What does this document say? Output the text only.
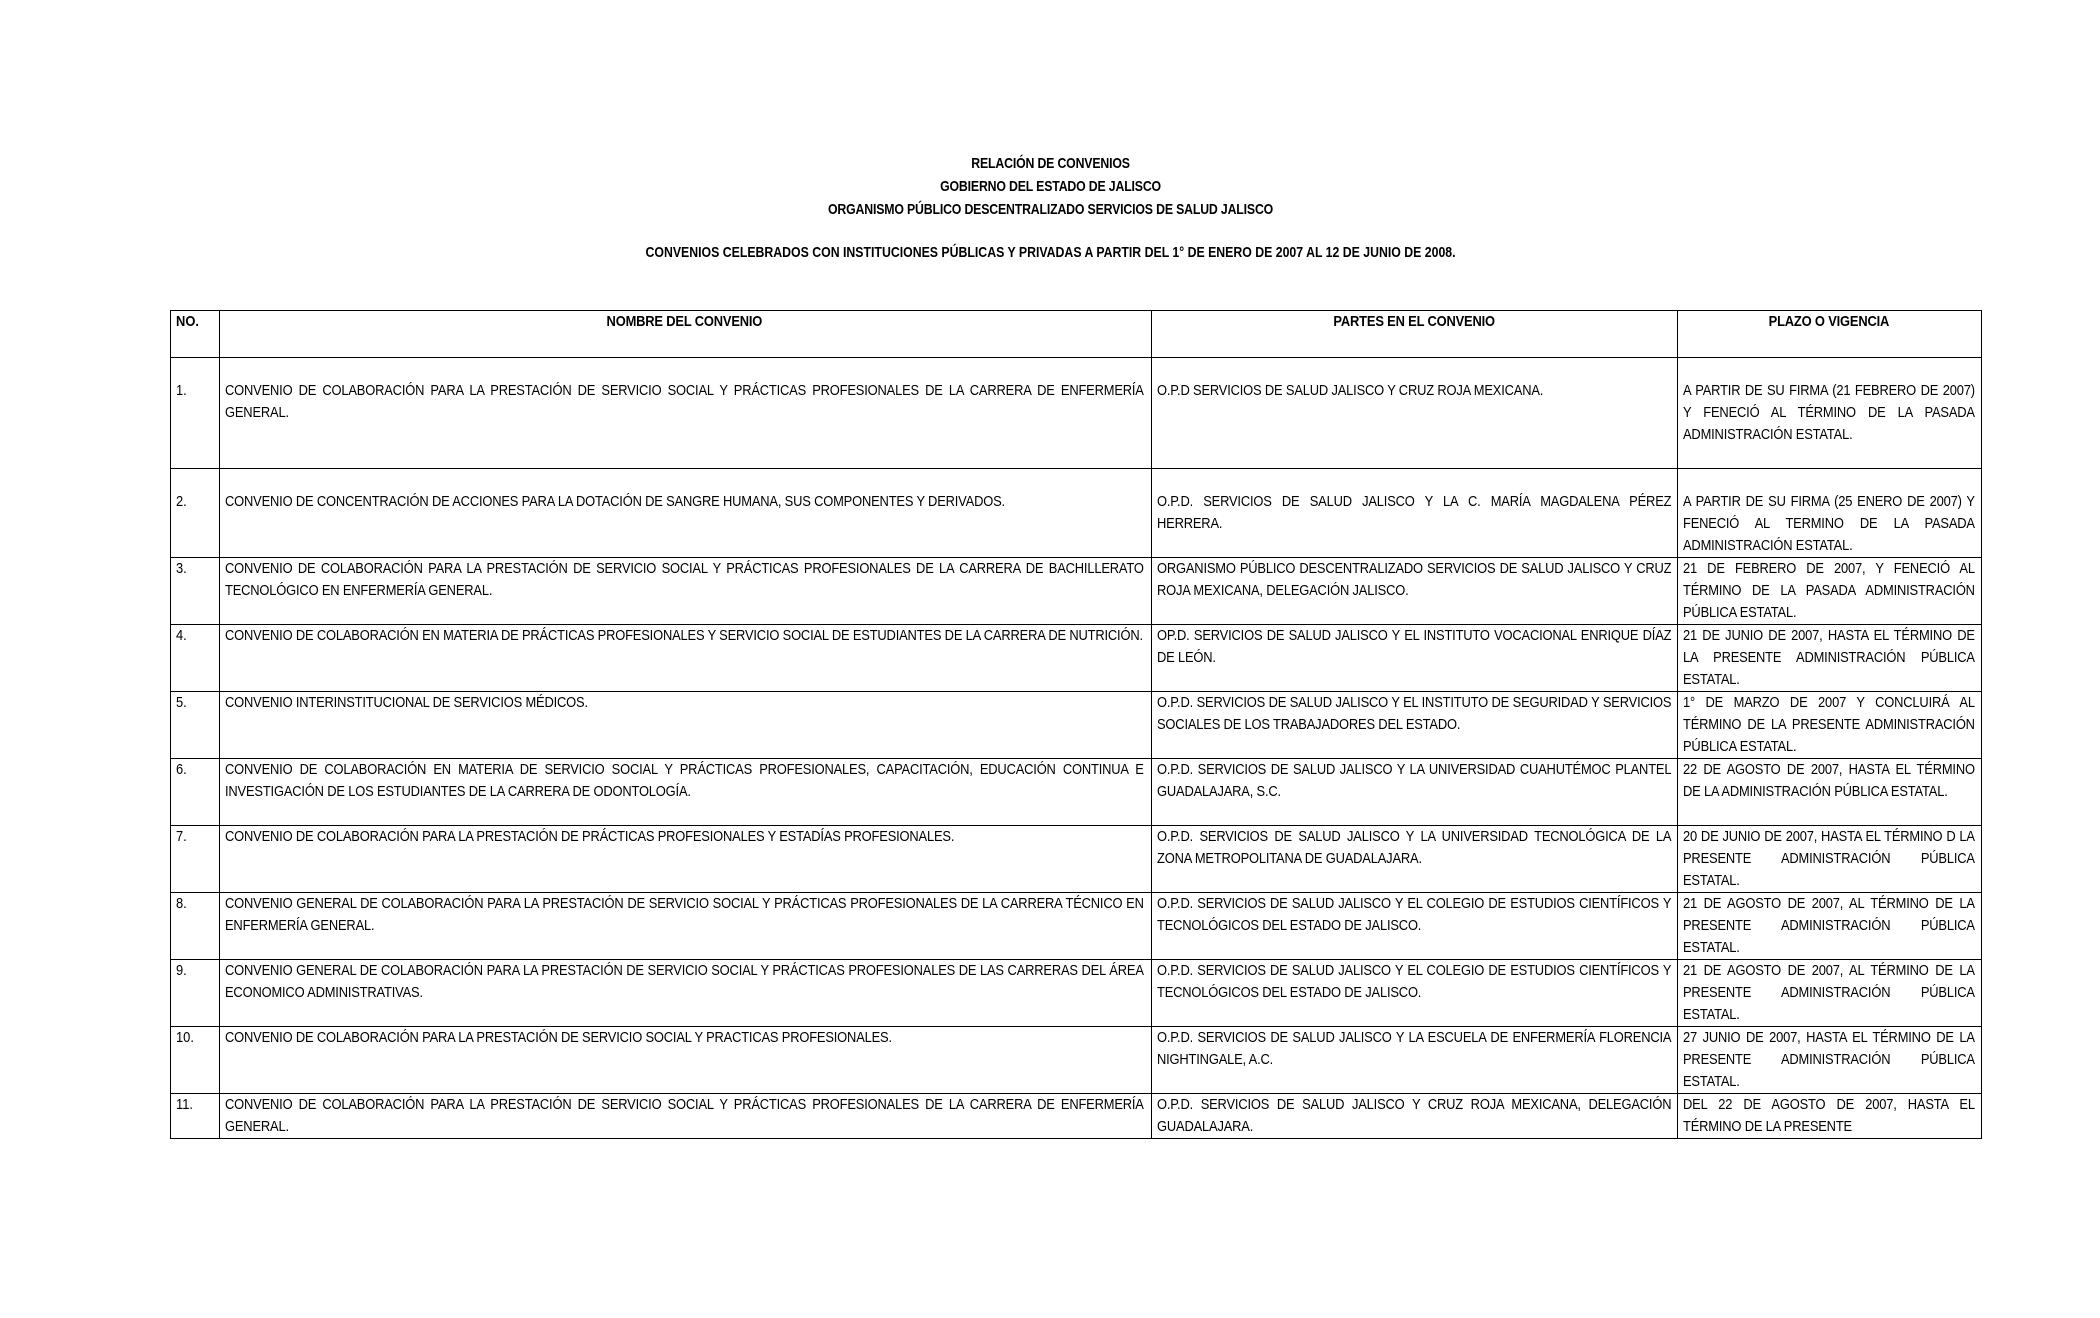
RELACIÓN DE CONVENIOS
GOBIERNO DEL ESTADO DE JALISCO
ORGANISMO PÚBLICO DESCENTRALIZADO SERVICIOS DE SALUD JALISCO
CONVENIOS CELEBRADOS CON INSTITUCIONES PÚBLICAS Y PRIVADAS A PARTIR DEL 1° DE ENERO DE 2007 AL 12 DE JUNIO DE 2008.
NO.	NOMBRE DEL CONVENIO	PARTES EN EL CONVENIO	PLAZO O VIGENCIA

1.	CONVENIO DE COLABORACIÓN PARA LA PRESTACIÓN DE SERVICIO SOCIAL Y PRÁCTICAS PROFESIONALES DE LA CARRERA DE ENFERMERÍA GENERAL.	O.P.D SERVICIOS DE SALUD JALISCO Y CRUZ ROJA MEXICANA.	A PARTIR DE SU FIRMA (21 FEBRERO DE 2007) Y FENECIÓ AL TÉRMINO DE LA PASADA ADMINISTRACIÓN ESTATAL.

2.	CONVENIO DE CONCENTRACIÓN DE ACCIONES PARA LA DOTACIÓN DE SANGRE HUMANA, SUS COMPONENTES Y DERIVADOS.	O.P.D. SERVICIOS DE SALUD JALISCO Y LA C. MARÍA MAGDALENA PÉREZ HERRERA.	A PARTIR DE SU FIRMA (25 ENERO DE 2007) Y FENECIÓ AL TERMINO DE LA PASADA ADMINISTRACIÓN ESTATAL.

3.	CONVENIO DE COLABORACIÓN PARA LA PRESTACIÓN DE SERVICIO SOCIAL Y PRÁCTICAS PROFESIONALES DE LA CARRERA DE BACHILLERATO TECNOLÓGICO EN ENFERMERÍA GENERAL.	ORGANISMO PÚBLICO DESCENTRALIZADO SERVICIOS DE SALUD JALISCO Y CRUZ ROJA MEXICANA, DELEGACIÓN JALISCO.	21 DE FEBRERO DE 2007, Y FENECIÓ AL TÉRMINO DE LA PASADA ADMINISTRACIÓN PÚBLICA ESTATAL.

4.	CONVENIO DE COLABORACIÓN EN MATERIA DE PRÁCTICAS PROFESIONALES Y SERVICIO SOCIAL DE ESTUDIANTES DE LA CARRERA DE NUTRICIÓN.	OP.D. SERVICIOS DE SALUD JALISCO Y EL INSTITUTO VOCACIONAL ENRIQUE DÍAZ DE LEÓN.	21 DE JUNIO DE 2007, HASTA EL TÉRMINO DE LA PRESENTE ADMINISTRACIÓN PÚBLICA ESTATAL.

5.	CONVENIO INTERINSTITUCIONAL DE SERVICIOS MÉDICOS.	O.P.D. SERVICIOS DE SALUD JALISCO Y EL INSTITUTO DE SEGURIDAD Y SERVICIOS SOCIALES DE LOS TRABAJADORES DEL ESTADO.	1° DE MARZO DE 2007 Y CONCLUIRÁ AL TÉRMINO DE LA PRESENTE ADMINISTRACIÓN PÚBLICA ESTATAL.

6.	CONVENIO DE COLABORACIÓN EN MATERIA DE SERVICIO SOCIAL Y PRÁCTICAS PROFESIONALES, CAPACITACIÓN, EDUCACIÓN CONTINUA E INVESTIGACIÓN DE LOS ESTUDIANTES DE LA CARRERA DE ODONTOLOGÍA.	O.P.D. SERVICIOS DE SALUD JALISCO Y LA UNIVERSIDAD CUAHUTÉMOC PLANTEL GUADALAJARA, S.C.	22 DE AGOSTO DE 2007, HASTA EL TÉRMINO DE LA ADMINISTRACIÓN PÚBLICA ESTATAL.

7.	CONVENIO DE COLABORACIÓN PARA LA PRESTACIÓN DE PRÁCTICAS PROFESIONALES Y ESTADÍAS PROFESIONALES.	O.P.D. SERVICIOS DE SALUD JALISCO Y LA UNIVERSIDAD TECNOLÓGICA DE LA ZONA METROPOLITANA DE GUADALAJARA.	20 DE JUNIO DE 2007, HASTA EL TÉRMINO D LA PRESENTE ADMINISTRACIÓN PÚBLICA ESTATAL.

8.	CONVENIO GENERAL DE COLABORACIÓN PARA LA PRESTACIÓN DE SERVICIO SOCIAL Y PRÁCTICAS PROFESIONALES DE LA CARRERA TÉCNICO EN ENFERMERÍA GENERAL.	O.P.D. SERVICIOS DE SALUD JALISCO Y EL COLEGIO DE ESTUDIOS CIENTÍFICOS Y TECNOLÓGICOS DEL ESTADO DE JALISCO.	21 DE AGOSTO DE 2007, AL TÉRMINO DE LA PRESENTE ADMINISTRACIÓN PÚBLICA ESTATAL.

9.	CONVENIO GENERAL DE COLABORACIÓN PARA LA PRESTACIÓN DE SERVICIO SOCIAL Y PRÁCTICAS PROFESIONALES DE LAS CARRERAS DEL ÁREA ECONOMICO ADMINISTRATIVAS.	O.P.D. SERVICIOS DE SALUD JALISCO Y EL COLEGIO DE ESTUDIOS CIENTÍFICOS Y TECNOLÓGICOS DEL ESTADO DE JALISCO.	21 DE AGOSTO DE 2007, AL TÉRMINO DE LA PRESENTE ADMINISTRACIÓN PÚBLICA ESTATAL.

10.	CONVENIO DE COLABORACIÓN PARA LA PRESTACIÓN DE SERVICIO SOCIAL Y PRACTICAS PROFESIONALES.	O.P.D. SERVICIOS DE SALUD JALISCO Y LA ESCUELA DE ENFERMERÍA FLORENCIA NIGHTINGALE, A.C.	27 JUNIO DE 2007, HASTA EL TÉRMINO DE LA PRESENTE ADMINISTRACIÓN PÚBLICA ESTATAL.

11.	CONVENIO DE COLABORACIÓN PARA LA PRESTACIÓN DE SERVICIO SOCIAL Y PRÁCTICAS PROFESIONALES DE LA CARRERA DE ENFERMERÍA GENERAL.	O.P.D. SERVICIOS DE SALUD JALISCO Y CRUZ ROJA MEXICANA, DELEGACIÓN GUADALAJARA.	DEL 22 DE AGOSTO DE 2007, HASTA EL TÉRMINO DE LA PRESENTE
